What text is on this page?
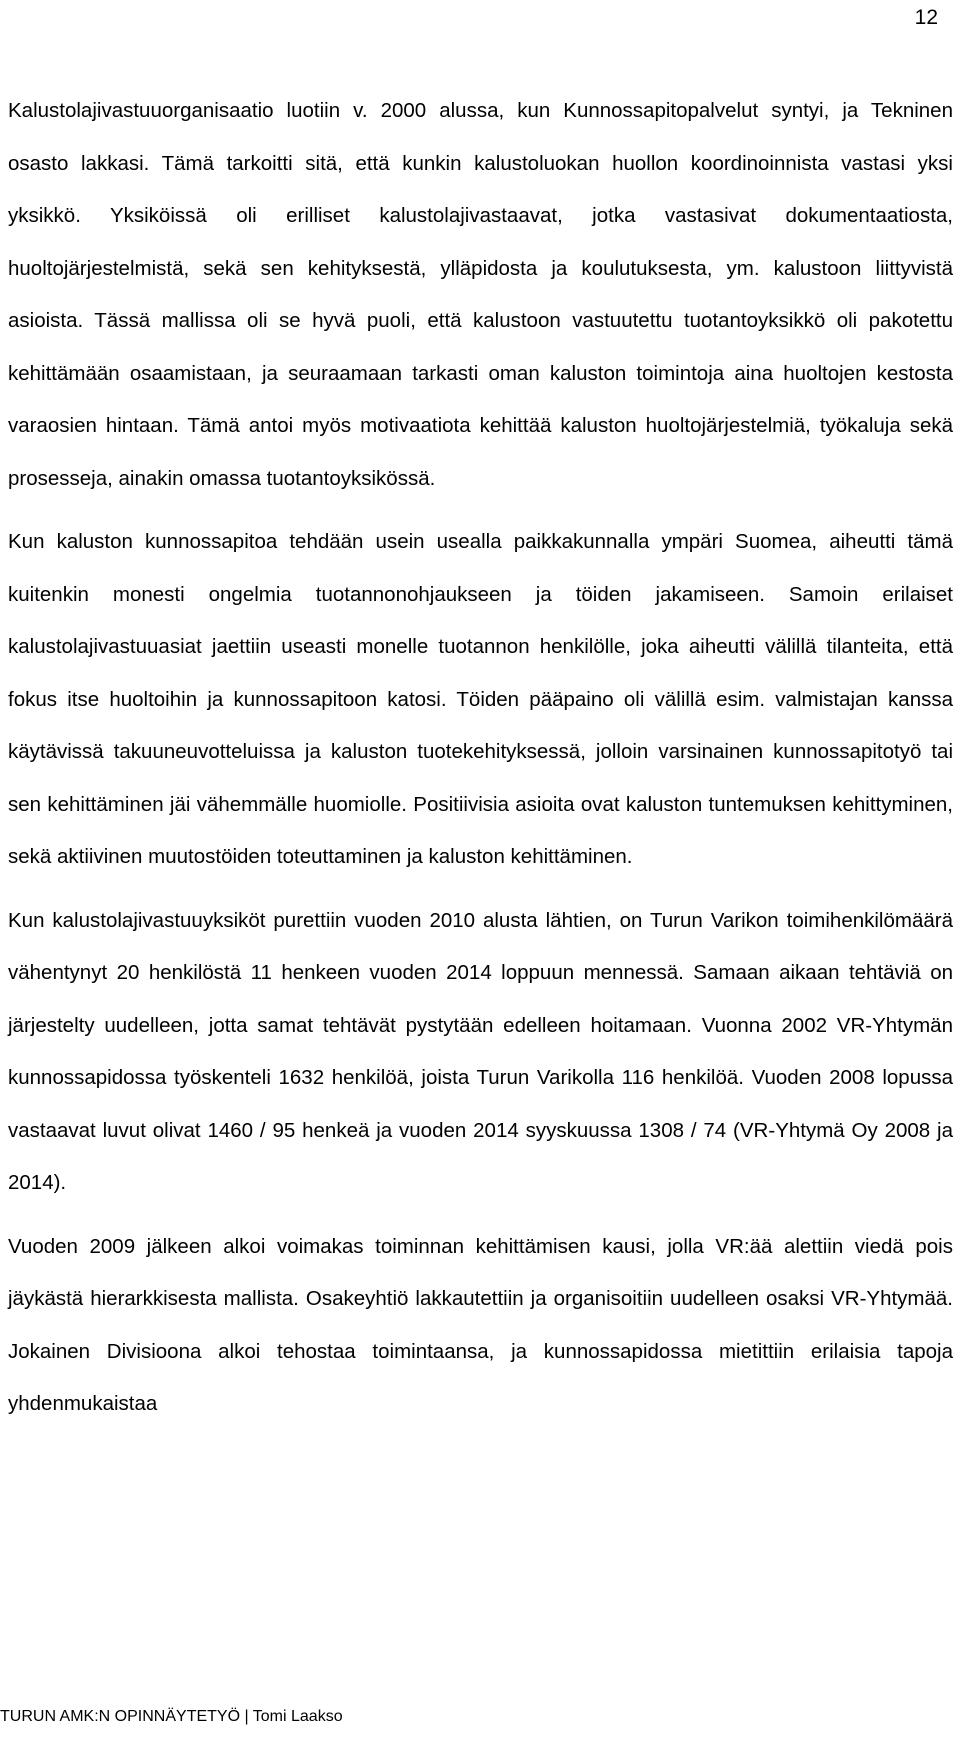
12

Kalustolajivastuuorganisaatio luotiin v. 2000 alussa, kun Kunnossapitopalvelut syntyi, ja Tekninen osasto lakkasi. Tämä tarkoitti sitä, että kunkin kalustoluokan huollon koordinoinnista vastasi yksi yksikkö. Yksiköissä oli erilliset kalustolajivastaavat, jotka vastasivat dokumentaatiosta, huoltojärjestelmistä, sekä sen kehityksestä, ylläpidosta ja koulutuksesta, ym. kalustoon liittyvistä asioista. Tässä mallissa oli se hyvä puoli, että kalustoon vastuutettu tuotantoyksikkö oli pakotettu kehittämään osaamistaan, ja seuraamaan tarkasti oman kaluston toimintoja aina huoltojen kestosta varaosien hintaan. Tämä antoi myös motivaatiota kehittää kaluston huoltojärjestelmiä, työkaluja sekä prosesseja, ainakin omassa tuotantoyksikössä.

Kun kaluston kunnossapitoa tehdään usein usealla paikkakunnalla ympäri Suomea, aiheutti tämä kuitenkin monesti ongelmia tuotannonohjaukseen ja töiden jakamiseen. Samoin erilaiset kalustolajivastuuasiat jaettiin useasti monelle tuotannon henkilölle, joka aiheutti välillä tilanteita, että fokus itse huoltoihin ja kunnossapitoon katosi. Töiden pääpaino oli välillä esim. valmistajan kanssa käytävissä takuuneuvotteluissa ja kaluston tuotekehityksessä, jolloin varsinainen kunnossapitotyö tai sen kehittäminen jäi vähemmälle huomiolle. Positiivisia asioita ovat kaluston tuntemuksen kehittyminen, sekä aktiivinen muutostöiden toteuttaminen ja kaluston kehittäminen.

Kun kalustolajivastuuyksiköt purettiin vuoden 2010 alusta lähtien, on Turun Varikon toimihenkilömäärä vähentynyt 20 henkilöstä 11 henkeen vuoden 2014 loppuun mennessä. Samaan aikaan tehtäviä on järjestelty uudelleen, jotta samat tehtävät pystytään edelleen hoitamaan. Vuonna 2002 VR-Yhtymän kunnossapidossa työskenteli 1632 henkilöä, joista Turun Varikolla 116 henkilöä. Vuoden 2008 lopussa vastaavat luvut olivat 1460 / 95 henkeä ja vuoden 2014 syyskuussa 1308 / 74 (VR-Yhtymä Oy 2008 ja 2014).

Vuoden 2009 jälkeen alkoi voimakas toiminnan kehittämisen kausi, jolla VR:ää alettiin viedä pois jäykästä hierarkkisesta mallista. Osakeyhtiö lakkautettiin ja organisoitiin uudelleen osaksi VR-Yhtymää. Jokainen Divisioona alkoi tehostaa toimintaansa, ja kunnossapidossa mietittiin erilaisia tapoja yhdenmukaistaa

TURUN AMK:N OPINNÄYTETYÖ | Tomi Laakso
